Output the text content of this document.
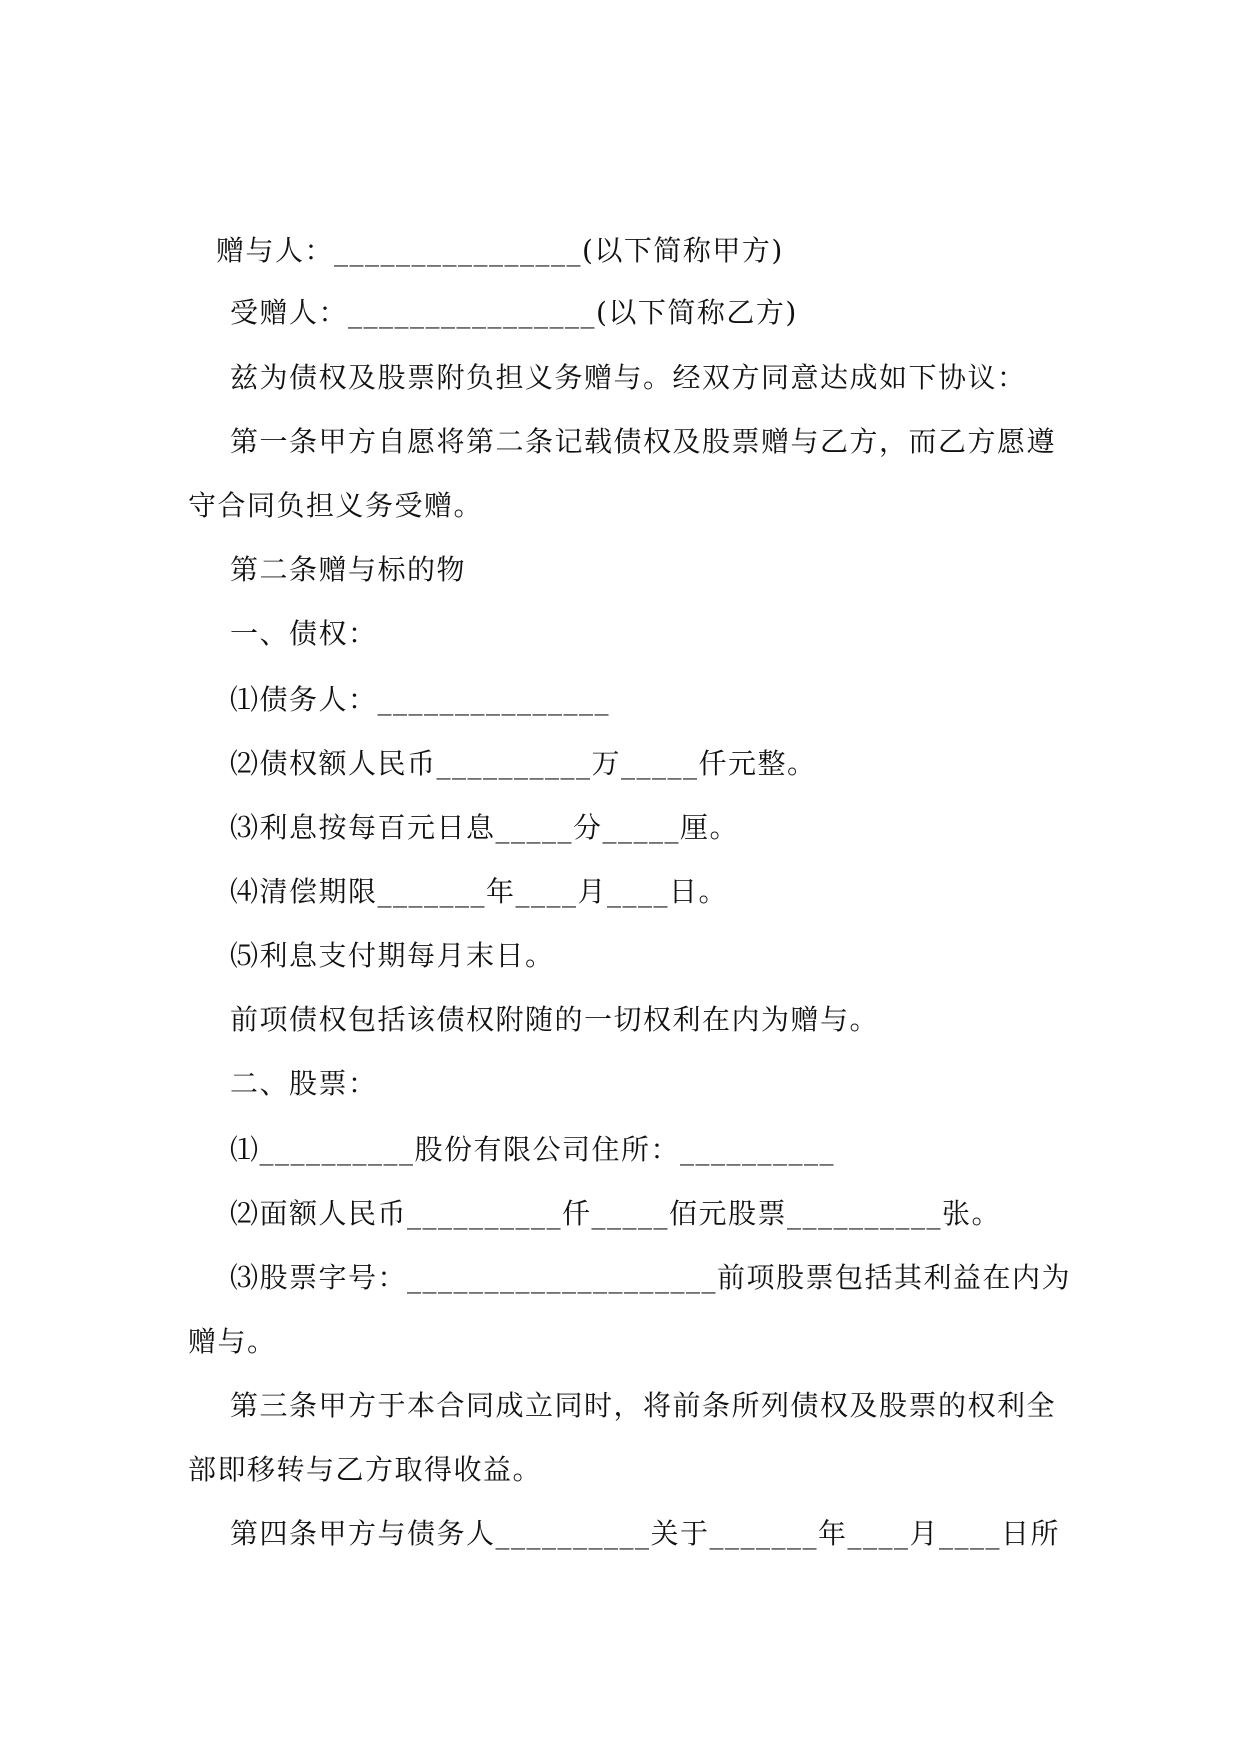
赠与人：________________(以下简称甲方)
受赠人：________________(以下简称乙方)
兹为债权及股票附负担义务赠与。经双方同意达成如下协议：
第一条甲方自愿将第二条记载债权及股票赠与乙方，而乙方愿遵
守合同负担义务受赠。
第二条赠与标的物
一、债权：
⑴债务人：_______________
⑵债权额人民币__________万_____仟元整。
⑶利息按每百元日息_____分_____厘。
⑷清偿期限_______年____月____日。
⑸利息支付期每月末日。
前项债权包括该债权附随的一切权利在内为赠与。
二、股票：
⑴__________股份有限公司住所：__________
⑵面额人民币__________仟_____佰元股票__________张。
⑶股票字号：____________________前项股票包括其利益在内为
赠与。
第三条甲方于本合同成立同时，将前条所列债权及股票的权利全
部即移转与乙方取得收益。
第四条甲方与债务人__________关于_______年____月____日所
